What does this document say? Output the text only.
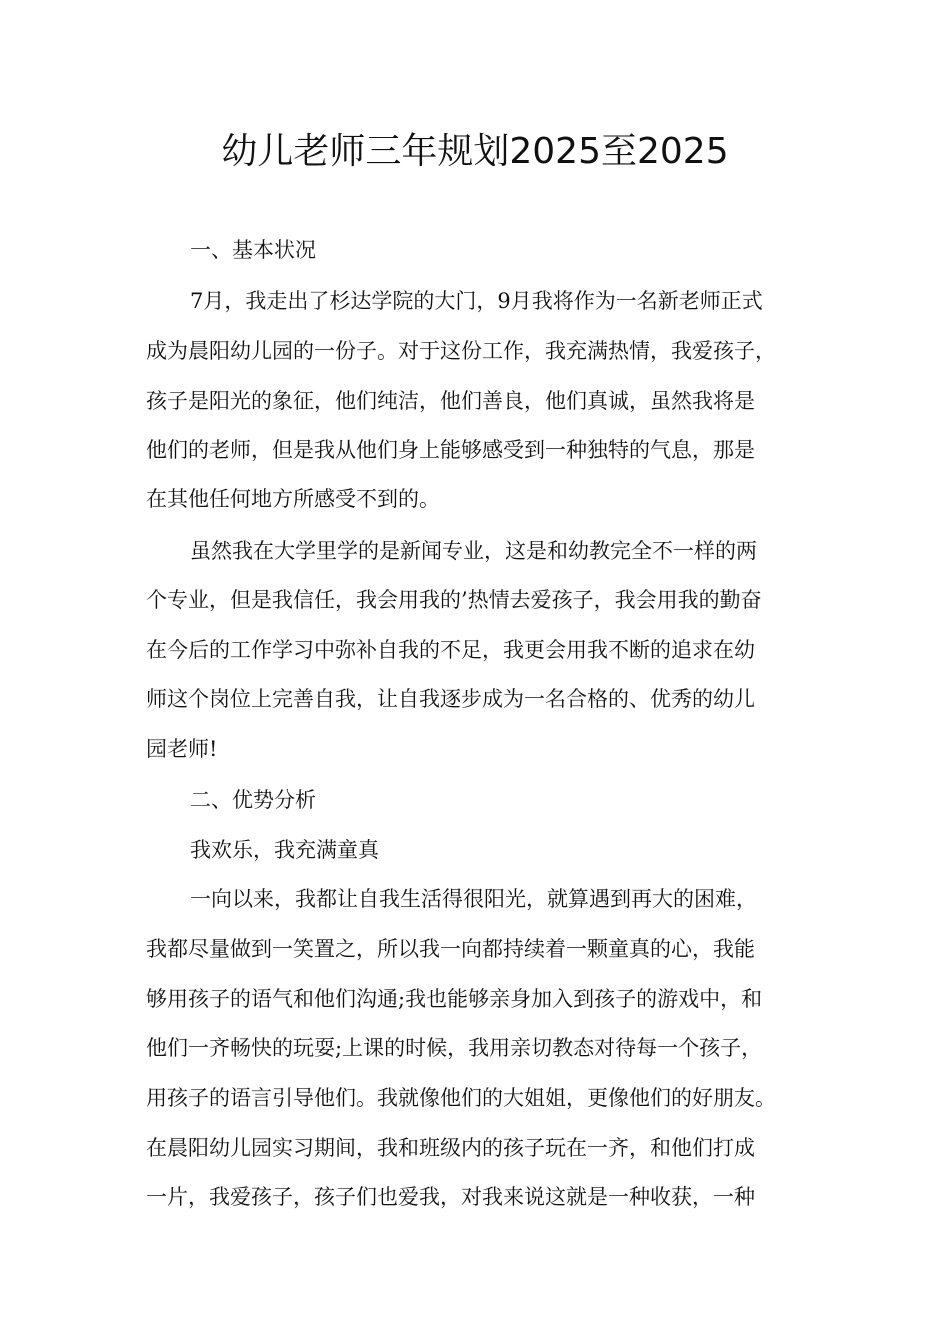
幼儿老师三年规划2025至2025

一、基本状况

7月，我走出了杉达学院的大门，9月我将作为一名新老师正式

成为晨阳幼儿园的一份子。对于这份工作，我充满热情，我爱孩子，

孩子是阳光的象征，他们纯洁，他们善良，他们真诚，虽然我将是

他们的老师，但是我从他们身上能够感受到一种独特的气息，那是

在其他任何地方所感受不到的。

虽然我在大学里学的是新闻专业，这是和幼教完全不一样的两

个专业，但是我信任，我会用我的’热情去爱孩子，我会用我的勤奋

在今后的工作学习中弥补自我的不足，我更会用我不断的追求在幼

师这个岗位上完善自我，让自我逐步成为一名合格的、优秀的幼儿

园老师!

二、优势分析

我欢乐，我充满童真

一向以来，我都让自我生活得很阳光，就算遇到再大的困难，

我都尽量做到一笑置之，所以我一向都持续着一颗童真的心，我能

够用孩子的语气和他们沟通;我也能够亲身加入到孩子的游戏中，和

他们一齐畅快的玩耍;上课的时候，我用亲切教态对待每一个孩子，

用孩子的语言引导他们。我就像他们的大姐姐，更像他们的好朋友。

在晨阳幼儿园实习期间，我和班级内的孩子玩在一齐，和他们打成

一片，我爱孩子，孩子们也爱我，对我来说这就是一种收获，一种
